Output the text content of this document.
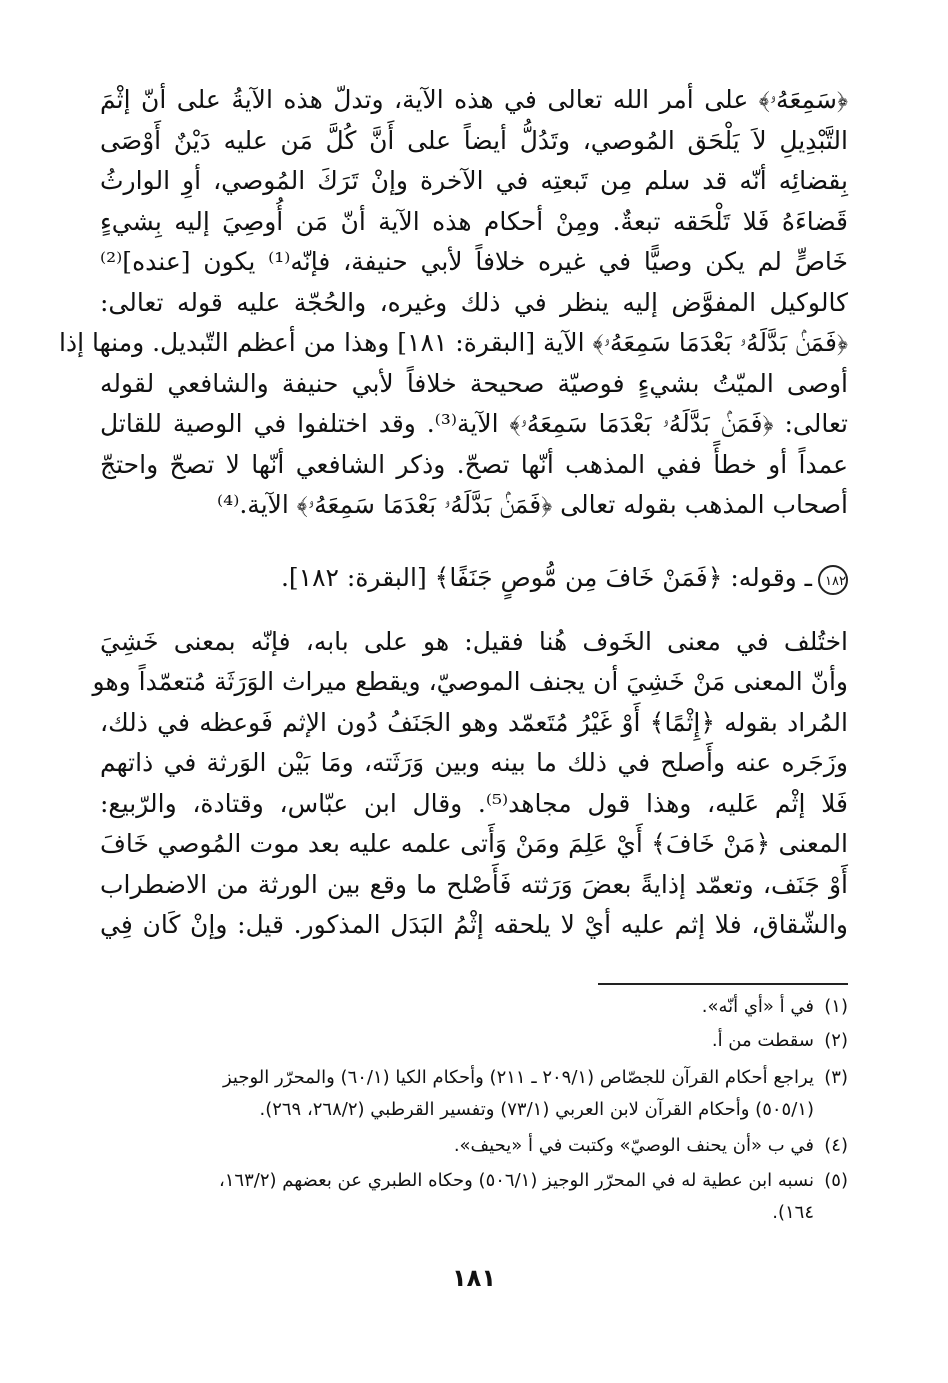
﴿سَمِعَهُۥ﴾ على أمر الله تعالى في هذه الآية، وتدلّ هذه الآيةُ على أنّ إثْمَ
التَّبْدِيلِ لاَ يَلْحَق المُوصي، وتَدُلُّ أيضاً على أَنَّ كُلَّ مَن عليه دَيْنٌ أَوْصَى
بِقضائِه أنّه قد سلم مِن تَبعتِه في الآخرة وإنْ تَرَكَ المُوصي، أوِ الوارثُ
قَضاءَهُ فَلا تَلْحَقه تبعةٌ. ومِنْ أحكام هذه الآية أنّ مَن أُوصِيَ إليه بِشيءٍ
خَاصٍّ لم يكن وصيًّا في غيره خلافاً لأبي حنيفة، فإنّه⁽¹⁾ يكون [عنده]⁽²⁾
كالوكيل المفوَّض إليه ينظر في ذلك وغيره، والحُجّة عليه قوله تعالى:
﴿فَمَنۢ بَدَّلَهُۥ بَعْدَمَا سَمِعَهُۥ﴾ الآية [البقرة: ١٨١] وهذا من أعظم التّبديل. ومنها إذا
أوصى الميّتُ بشيءٍ فوصيّة صحيحة خلافاً لأبي حنيفة والشافعي لقوله
تعالى: ﴿فَمَنۢ بَدَّلَهُۥ بَعْدَمَا سَمِعَهُۥ﴾ الآية⁽³⁾. وقد اختلفوا في الوصية للقاتل
عمداً أو خطأً ففي المذهب أنّها تصحّ. وذكر الشافعي أنّها لا تصحّ واحتجّ
أصحاب المذهب بقوله تعالى ﴿فَمَنۢ بَدَّلَهُۥ بَعْدَمَا سَمِعَهُۥ﴾ الآية.⁽⁴⁾
١٨٢ـ وقوله: ﴿فَمَنْ خَافَ مِن مُّوصٍ جَنَفًا﴾ [البقرة: ١٨٢].
اختُلف في معنى الخَوف هُنا فقيل: هو على بابه، فإنّه بمعنى خَشِيَ
وأنّ المعنى مَنْ خَشِيَ أن يجنف الموصيّ، ويقطع ميراث الوَرَثَة مُتعمّداً وهو
المُراد بقوله ﴿إِثْمًا﴾ أَوْ غَيْرُ مُتَعمّد وهو الجَنَفُ دُون الإثم فَوعظه في ذلك،
وزَجَره عنه وأَصلح في ذلك ما بينه وبين وَرَثَته، ومَا بَيْن الوَرثة في ذاتهم
فَلا إثْم عَليه، وهذا قول مجاهد⁽⁵⁾. وقال ابن عبّاس، وقتادة، والرّبيع:
المعنى ﴿مَنْ خَافَ﴾ أَيْ عَلِمَ ومَنْ وَأَتى علمه عليه بعد موت المُوصي خَافَ
أَوْ جَنَف، وتعمّد إذايةً بعضَ وَرَثته فَأَصْلح ما وقع بين الورثة من الاضطراب
والشّقاق، فلا إثم عليه أيْ لا يلحقه إثْمُ البَدَل المذكور. قيل: وإنْ كَان فِي
(١)في أ «أي أنّه».
(٢)سقطت من أ.
(٣)يراجع أحكام القرآن للجصّاص (٢٠٩/١ ـ ٢١١) وأحكام الكيا (٦٠/١) والمحرّر الوجيز
(٥٠٥/١) وأحكام القرآن لابن العربي (٧٣/١) وتفسير القرطبي (٢٦٨/٢، ٢٦٩).
(٤)في ب «أن يحنف الوصيّ» وكتبت في أ «يحيف».
(٥)نسبه ابن عطية له في المحرّر الوجيز (٥٠٦/١) وحكاه الطبري عن بعضهم (١٦٣/٢،
١٦٤).
١٨١
